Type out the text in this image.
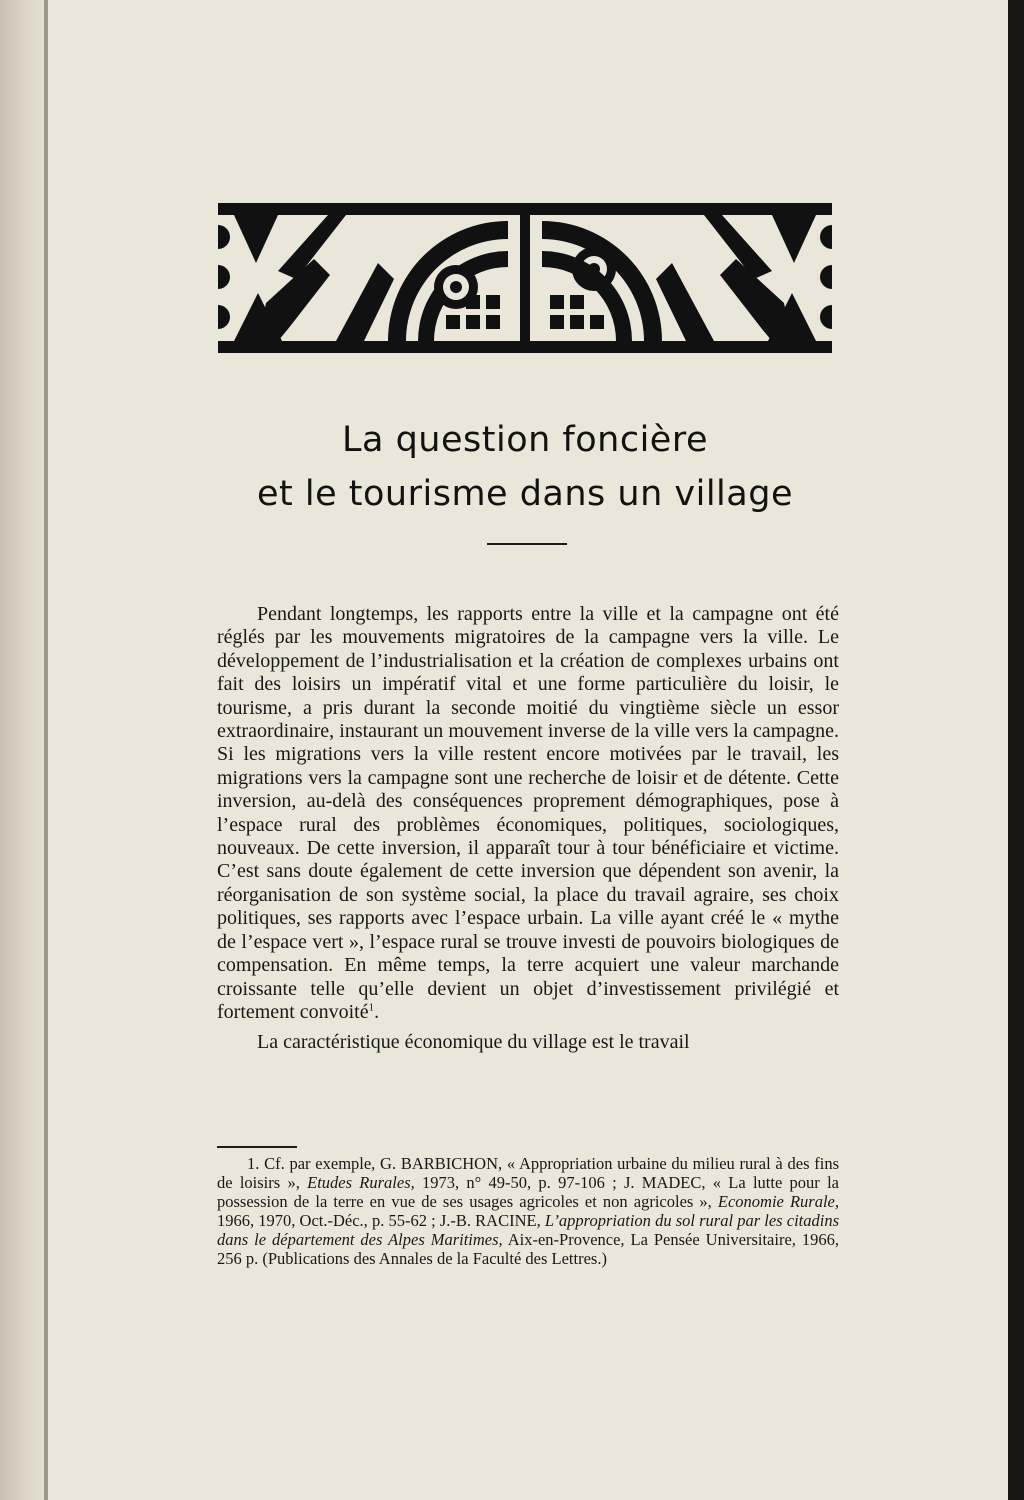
La question foncière
et le tourisme dans un village

Pendant longtemps, les rapports entre la ville et la campagne ont été réglés par les mouvements migratoires de la campagne vers la ville. Le développement de l’industrialisation et la création de complexes urbains ont fait des loisirs un impératif vital et une forme particulière du loisir, le tourisme, a pris durant la seconde moitié du vingtième siècle un essor extraordinaire, instaurant un mouvement inverse de la ville vers la campagne. Si les migrations vers la ville restent encore motivées par le travail, les migrations vers la campagne sont une recherche de loisir et de détente. Cette inversion, au-delà des conséquences proprement démographiques, pose à l’espace rural des problèmes économiques, politiques, sociologiques, nouveaux. De cette inversion, il apparaît tour à tour bénéficiaire et victime. C’est sans doute également de cette inversion que dépendent son avenir, la réorganisation de son système social, la place du travail agraire, ses choix politiques, ses rapports avec l’espace urbain. La ville ayant créé le « mythe de l’espace vert », l’espace rural se trouve investi de pouvoirs biologiques de compensation. En même temps, la terre acquiert une valeur marchande croissante telle qu’elle devient un objet d’investissement privilégié et fortement convoité$^1$.

La caractéristique économique du village est le travail

1. Cf. par exemple, G. BARBICHON, « Appropriation urbaine du milieu rural à des fins de loisirs », Etudes Rurales, 1973, n° 49-50, p. 97-106 ; J. MADEC, « La lutte pour la possession de la terre en vue de ses usages agricoles et non agricoles », Economie Rurale, 1966, 1970, Oct.-Déc., p. 55-62 ; J.-B. RACINE, L’appropriation du sol rural par les citadins dans le département des Alpes Maritimes, Aix-en-Provence, La Pensée Universitaire, 1966, 256 p. (Publications des Annales de la Faculté des Lettres.)
